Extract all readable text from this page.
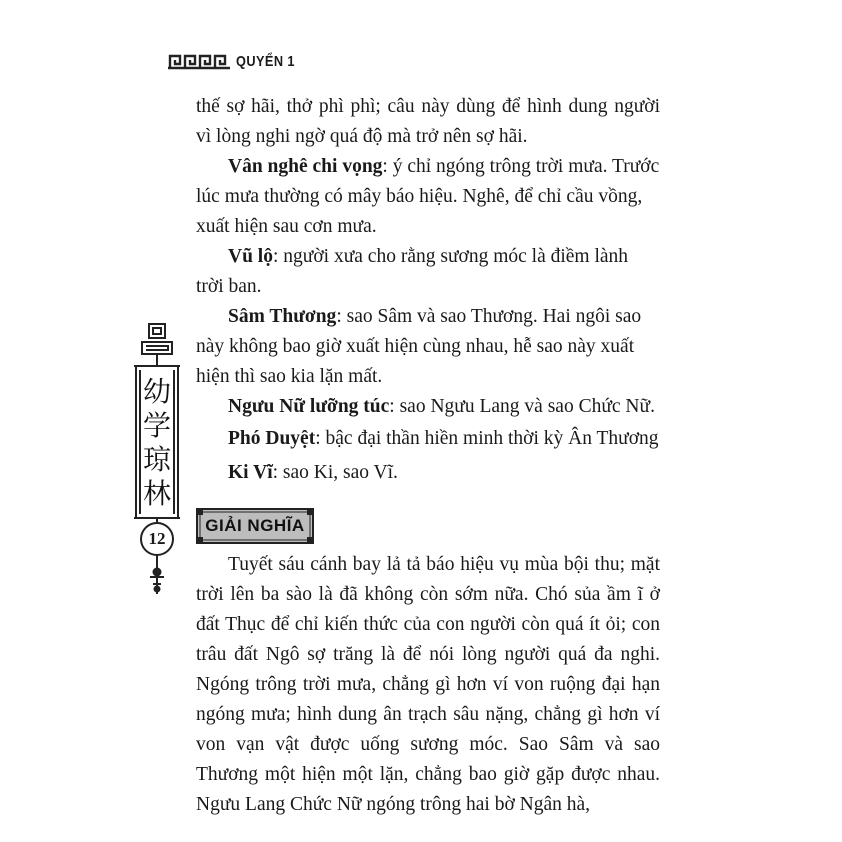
QUYỂN 1

thế sợ hãi, thở phì phì; câu này dùng để hình dung người

vì lòng nghi ngờ quá độ mà trở nên sợ hãi.

Vân nghê chi vọng: ý chỉ ngóng trông trời mưa. Trước lúc mưa thường có mây báo hiệu. Nghê, để chỉ cầu vồng, xuất hiện sau cơn mưa.

Vũ lộ: người xưa cho rằng sương móc là điềm lành trời ban.

Sâm Thương: sao Sâm và sao Thương. Hai ngôi sao này không bao giờ xuất hiện cùng nhau, hễ sao này xuất hiện thì sao kia lặn mất.

Ngưu Nữ lưỡng túc: sao Ngưu Lang và sao Chức Nữ.

Phó Duyệt: bậc đại thần hiền minh thời kỳ Ân Thương

Ki Vĩ: sao Ki, sao Vĩ.

幼
学
琼
林
12
GIẢI NGHĨA

Tuyết sáu cánh bay lả tả báo hiệu vụ mùa bội thu; mặt trời lên ba sào là đã không còn sớm nữa. Chó sủa ầm ĩ ở đất Thục để chỉ kiến thức của con người còn quá ít ỏi; con trâu đất Ngô sợ trăng là để nói lòng người quá đa nghi. Ngóng trông trời mưa, chẳng gì hơn ví von ruộng đại hạn ngóng mưa; hình dung ân trạch sâu nặng, chẳng gì hơn ví von vạn vật được uống sương móc. Sao Sâm và sao Thương một hiện một lặn, chẳng bao giờ gặp được nhau. Ngưu Lang Chức Nữ ngóng trông hai bờ Ngân hà,
